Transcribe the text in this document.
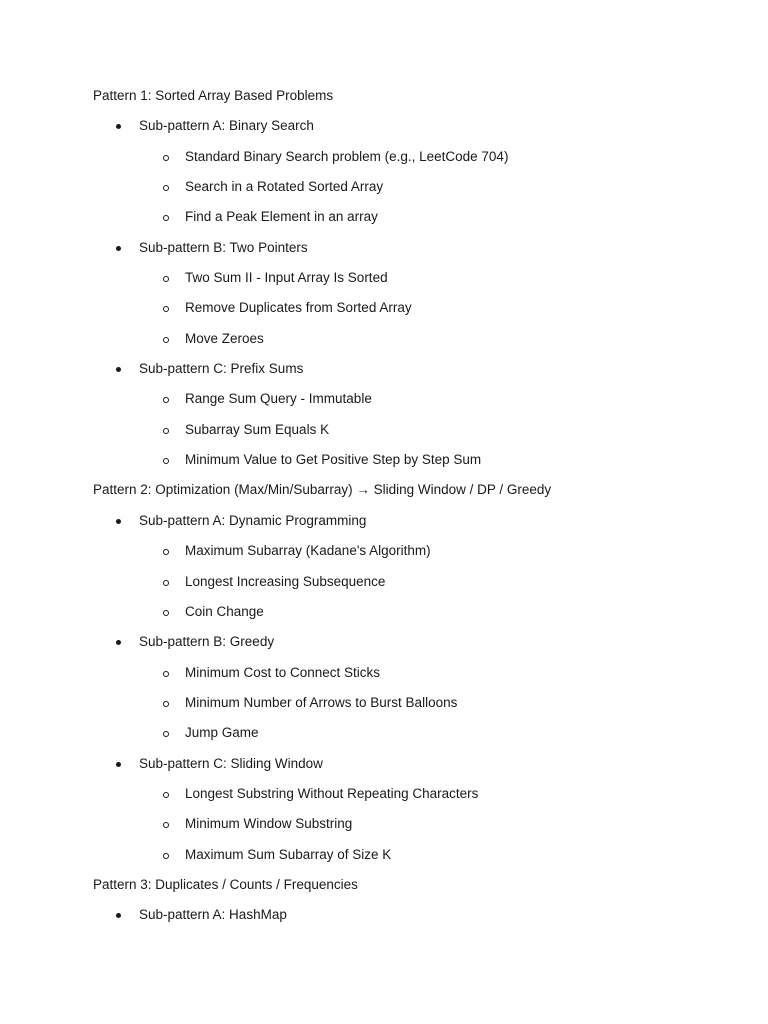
Pattern 1: Sorted Array Based Problems
Sub-pattern A: Binary Search
Standard Binary Search problem (e.g., LeetCode 704)
Search in a Rotated Sorted Array
Find a Peak Element in an array
Sub-pattern B: Two Pointers
Two Sum II - Input Array Is Sorted
Remove Duplicates from Sorted Array
Move Zeroes
Sub-pattern C: Prefix Sums
Range Sum Query - Immutable
Subarray Sum Equals K
Minimum Value to Get Positive Step by Step Sum
Pattern 2: Optimization (Max/Min/Subarray) → Sliding Window / DP / Greedy
Sub-pattern A: Dynamic Programming
Maximum Subarray (Kadane's Algorithm)
Longest Increasing Subsequence
Coin Change
Sub-pattern B: Greedy
Minimum Cost to Connect Sticks
Minimum Number of Arrows to Burst Balloons
Jump Game
Sub-pattern C: Sliding Window
Longest Substring Without Repeating Characters
Minimum Window Substring
Maximum Sum Subarray of Size K
Pattern 3: Duplicates / Counts / Frequencies
Sub-pattern A: HashMap
